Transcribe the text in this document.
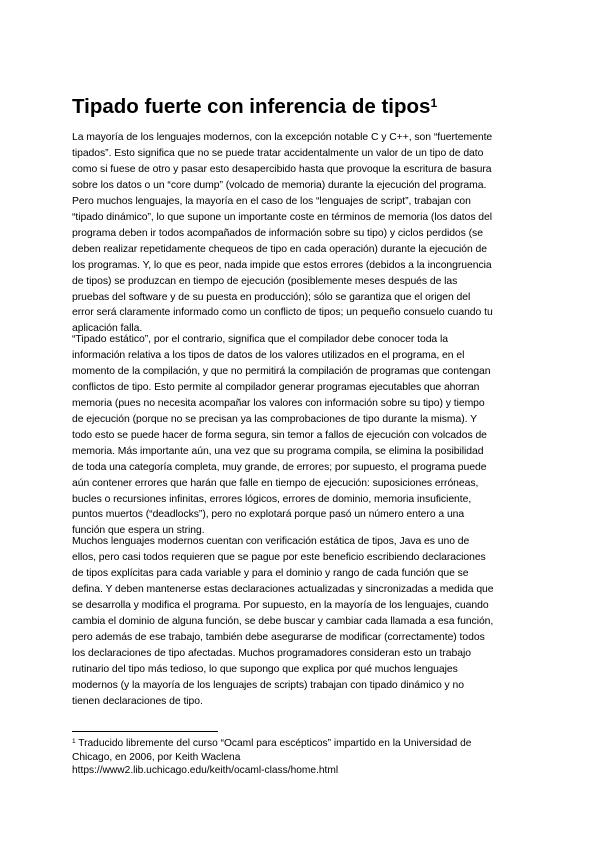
Tipado fuerte con inferencia de tipos$^1$

La mayoría de los lenguajes modernos, con la excepción notable C y C++, son “fuertemente
tipados”. Esto significa que no se puede tratar accidentalmente un valor de un tipo de dato
como si fuese de otro y pasar esto desapercibido hasta que provoque la escritura de basura
sobre los datos o un “core dump” (volcado de memoria) durante la ejecución del programa.
Pero muchos lenguajes, la mayoría en el caso de los “lenguajes de script”, trabajan con
“tipado dinámico”, lo que supone un importante coste en términos de memoria (los datos del
programa deben ir todos acompañados de información sobre su tipo) y ciclos perdidos (se
deben realizar repetidamente chequeos de tipo en cada operación) durante la ejecución de
los programas. Y, lo que es peor, nada impide que estos errores (debidos a la incongruencia
de tipos) se produzcan en tiempo de ejecución (posiblemente meses después de las
pruebas del software y de su puesta en producción); sólo se garantiza que el origen del
error será claramente informado como un conflicto de tipos; un pequeño consuelo cuando tu
aplicación falla.

“Tipado estático”, por el contrario, significa que el compilador debe conocer toda la
información relativa a los tipos de datos de los valores utilizados en el programa, en el
momento de la compilación, y que no permitirá la compilación de programas que contengan
conflictos de tipo. Esto permite al compilador generar programas ejecutables que ahorran
memoria (pues no necesita acompañar los valores con información sobre su tipo) y tiempo
de ejecución (porque no se precisan ya las comprobaciones de tipo durante la misma). Y
todo esto se puede hacer de forma segura, sin temor a fallos de ejecución con volcados de
memoria. Más importante aún, una vez que su programa compila, se elimina la posibilidad
de toda una categoría completa, muy grande, de errores; por supuesto, el programa puede
aún contener errores que harán que falle en tiempo de ejecución: suposiciones erróneas,
bucles o recursiones infinitas, errores lógicos, errores de dominio, memoria insuficiente,
puntos muertos (“deadlocks”), pero no explotará porque pasó un número entero a una
función que espera un string.

Muchos lenguajes modernos cuentan con verificación estática de tipos, Java es uno de
ellos, pero casi todos requieren que se pague por este beneficio escribiendo declaraciones
de tipos explícitas para cada variable y para el dominio y rango de cada función que se
defina. Y deben mantenerse estas declaraciones actualizadas y sincronizadas a medida que
se desarrolla y modifica el programa. Por supuesto, en la mayoría de los lenguajes, cuando
cambia el dominio de alguna función, se debe buscar y cambiar cada llamada a esa función,
pero además de ese trabajo, también debe asegurarse de modificar (correctamente) todos
los declaraciones de tipo afectadas. Muchos programadores consideran esto un trabajo
rutinario del tipo más tedioso, lo que supongo que explica por qué muchos lenguajes
modernos (y la mayoría de los lenguajes de scripts) trabajan con tipado dinámico y no
tienen declaraciones de tipo.

$^1$ Traducido libremente del curso “Ocaml para escépticos” impartido en la Universidad de
Chicago, en 2006, por Keith Waclena
https://www2.lib.uchicago.edu/keith/ocaml-class/home.html
